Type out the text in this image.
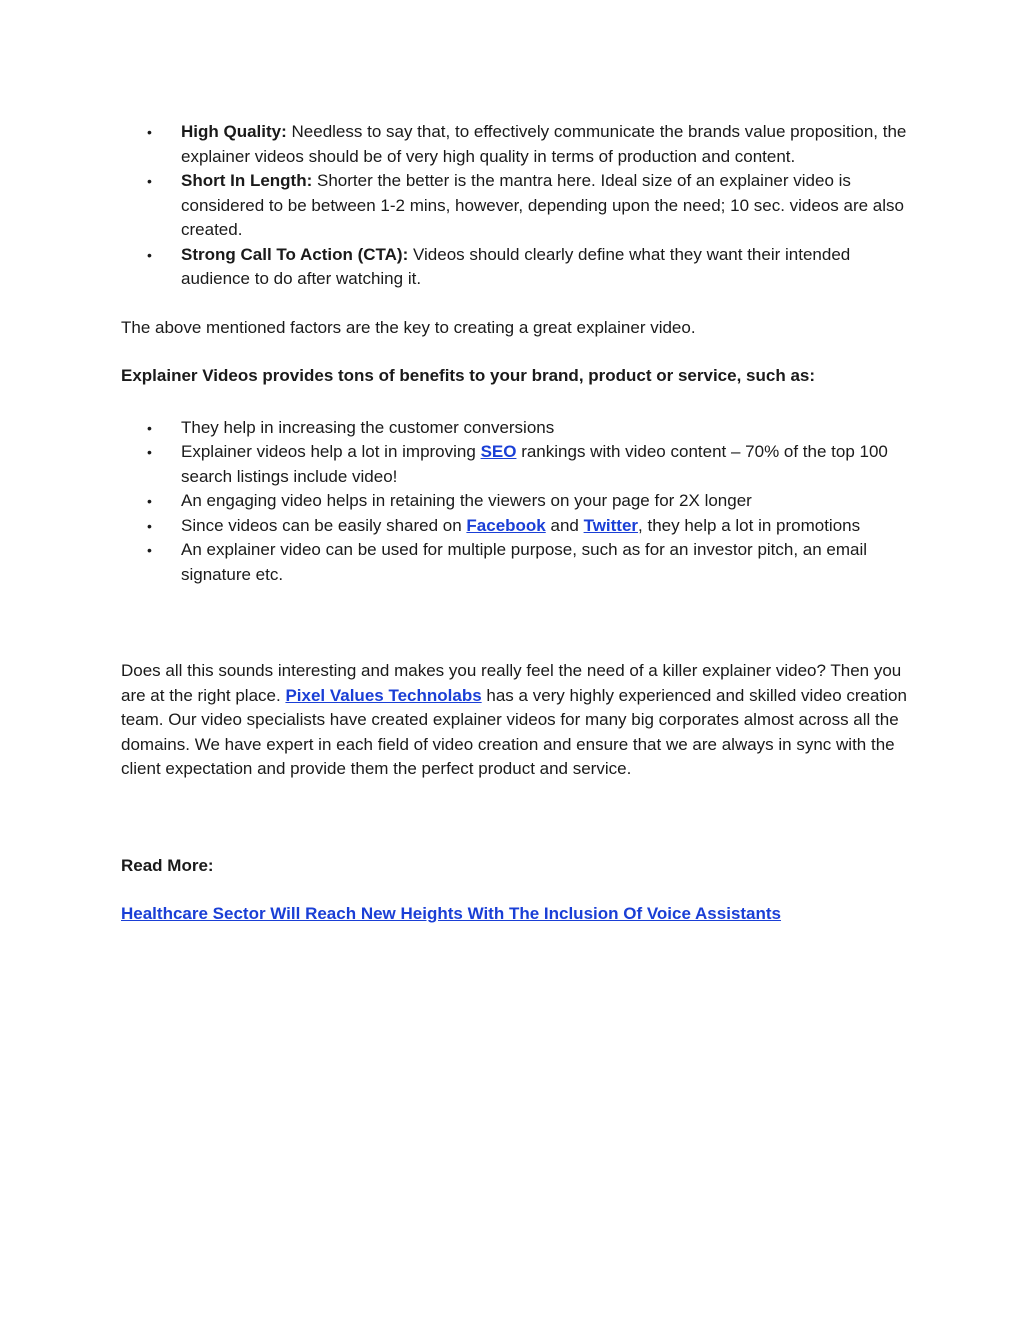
• High Quality: Needless to say that, to effectively communicate the brands value proposition, the explainer videos should be of very high quality in terms of production and content.
• Short In Length: Shorter the better is the mantra here. Ideal size of an explainer video is considered to be between 1-2 mins, however, depending upon the need; 10 sec. videos are also created.
• Strong Call To Action (CTA): Videos should clearly define what they want their intended audience to do after watching it.

The above mentioned factors are the key to creating a great explainer video.

Explainer Videos provides tons of benefits to your brand, product or service, such as:

• They help in increasing the customer conversions
• Explainer videos help a lot in improving SEO rankings with video content – 70% of the top 100 search listings include video!
• An engaging video helps in retaining the viewers on your page for 2X longer
• Since videos can be easily shared on Facebook and Twitter, they help a lot in promotions
• An explainer video can be used for multiple purpose, such as for an investor pitch, an email signature etc.

Does all this sounds interesting and makes you really feel the need of a killer explainer video? Then you are at the right place. Pixel Values Technolabs has a very highly experienced and skilled video creation team. Our video specialists have created explainer videos for many big corporates almost across all the domains. We have expert in each field of video creation and ensure that we are always in sync with the client expectation and provide them the perfect product and service.

Read More:

Healthcare Sector Will Reach New Heights With The Inclusion Of Voice Assistants
